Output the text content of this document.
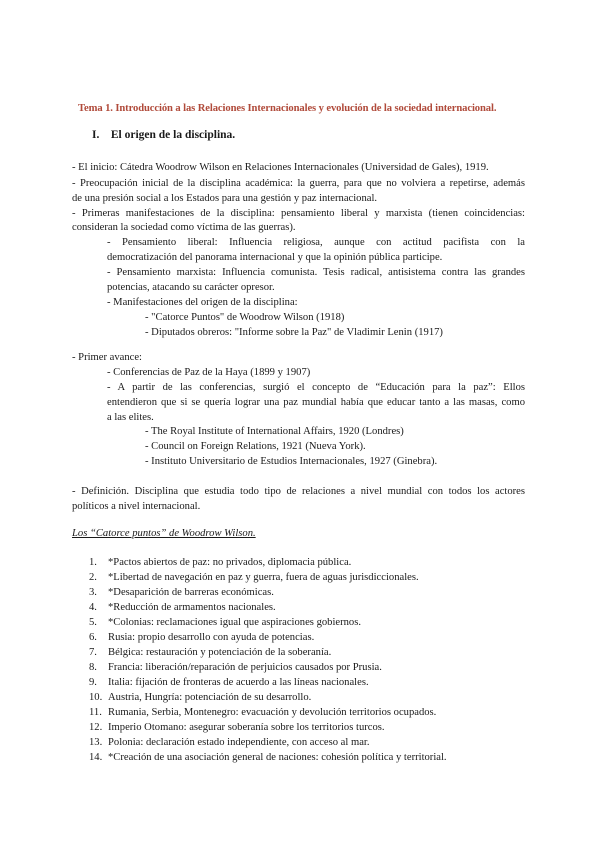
Tema 1. Introducción a las Relaciones Internacionales y evolución de la sociedad internacional.

I. El origen de la disciplina.

- El inicio: Cátedra Woodrow Wilson en Relaciones Internacionales (Universidad de Gales), 1919.

- Preocupación inicial de la disciplina académica: la guerra, para que no volviera a repetirse, además

de una presión social a los Estados para una gestión y paz internacional.

- Primeras manifestaciones de la disciplina: pensamiento liberal y marxista (tienen coincidencias:

consideran la sociedad como víctima de las guerras).

- Pensamiento liberal: Influencia religiosa, aunque con actitud pacifista con la

democratización del panorama internacional y que la opinión pública participe.

- Pensamiento marxista: Influencia comunista. Tesis radical, antisistema contra las grandes

potencias, atacando su carácter opresor.

- Manifestaciones del origen de la disciplina:

- "Catorce Puntos" de Woodrow Wilson (1918)

- Diputados obreros: "Informe sobre la Paz" de Vladimir Lenin (1917)

- Primer avance:

- Conferencias de Paz de la Haya (1899 y 1907)

- A partir de las conferencias, surgió el concepto de “Educación para la paz”: Ellos

entendieron que si se quería lograr una paz mundial había que educar tanto a las masas, como

a las elites.

- The Royal Institute of International Affairs, 1920 (Londres)

- Council on Foreign Relations, 1921 (Nueva York).

- Instituto Universitario de Estudios Internacionales, 1927 (Ginebra).

- Definición. Disciplina que estudia todo tipo de relaciones a nivel mundial con todos los actores

políticos a nivel internacional.

Los “Catorce puntos” de Woodrow Wilson.

1.	*Pactos abiertos de paz: no privados, diplomacia pública.
2.	*Libertad de navegación en paz y guerra, fuera de aguas jurisdiccionales.
3.	*Desaparición de barreras económicas.
4.	*Reducción de armamentos nacionales.
5.	*Colonias: reclamaciones igual que aspiraciones gobiernos.
6.	Rusia: propio desarrollo con ayuda de potencias.
7.	Bélgica: restauración y potenciación de la soberanía.
8.	Francia: liberación/reparación de perjuicios causados por Prusia.
9.	Italia: fijación de fronteras de acuerdo a las líneas nacionales.
10. Austria, Hungría: potenciación de su desarrollo.
11. Rumania, Serbia, Montenegro: evacuación y devolución territorios ocupados.
12. Imperio Otomano: asegurar soberanía sobre los territorios turcos.
13. Polonia: declaración estado independiente, con acceso al mar.
14. *Creación de una asociación general de naciones: cohesión política y territorial.
